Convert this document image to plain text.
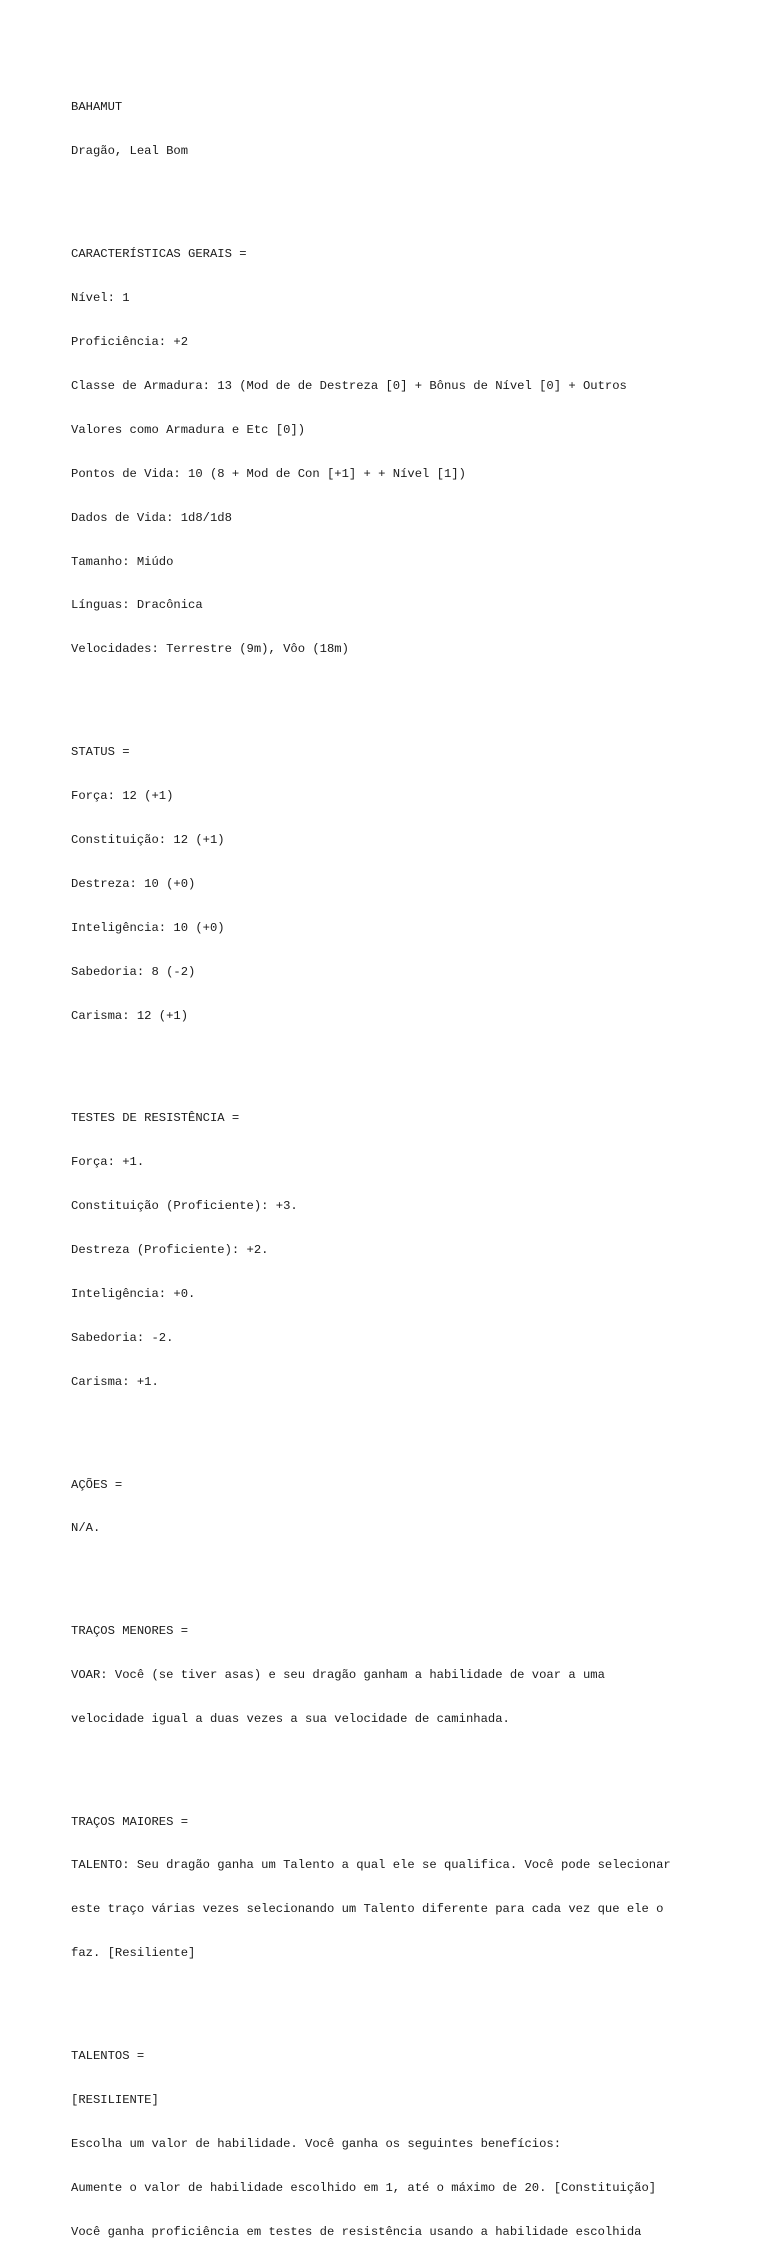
BAHAMUT

Dragão, Leal Bom

CARACTERÍSTICAS GERAIS =

Nível: 1

Proficiência: +2

Classe de Armadura: 13 (Mod de de Destreza [0] + Bônus de Nível [0] + Outros

Valores como Armadura e Etc [0])

Pontos de Vida: 10 (8 + Mod de Con [+1] + + Nível [1])

Dados de Vida: 1d8/1d8

Tamanho: Miúdo

Línguas: Dracônica

Velocidades: Terrestre (9m), Vôo (18m)

STATUS =

Força: 12 (+1)

Constituição: 12 (+1)

Destreza: 10 (+0)

Inteligência: 10 (+0)

Sabedoria: 8 (-2)

Carisma: 12 (+1)

TESTES DE RESISTÊNCIA =

Força: +1.

Constituição (Proficiente): +3.

Destreza (Proficiente): +2.

Inteligência: +0.

Sabedoria: -2.

Carisma: +1.

AÇÕES =

N/A.

TRAÇOS MENORES =

VOAR: Você (se tiver asas) e seu dragão ganham a habilidade de voar a uma

velocidade igual a duas vezes a sua velocidade de caminhada.

TRAÇOS MAIORES =

TALENTO: Seu dragão ganha um Talento a qual ele se qualifica. Você pode selecionar

este traço várias vezes selecionando um Talento diferente para cada vez que ele o

faz. [Resiliente]

TALENTOS =

[RESILIENTE]

Escolha um valor de habilidade. Você ganha os seguintes benefícios:

Aumente o valor de habilidade escolhido em 1, até o máximo de 20. [Constituição]

Você ganha proficiência em testes de resistência usando a habilidade escolhida
